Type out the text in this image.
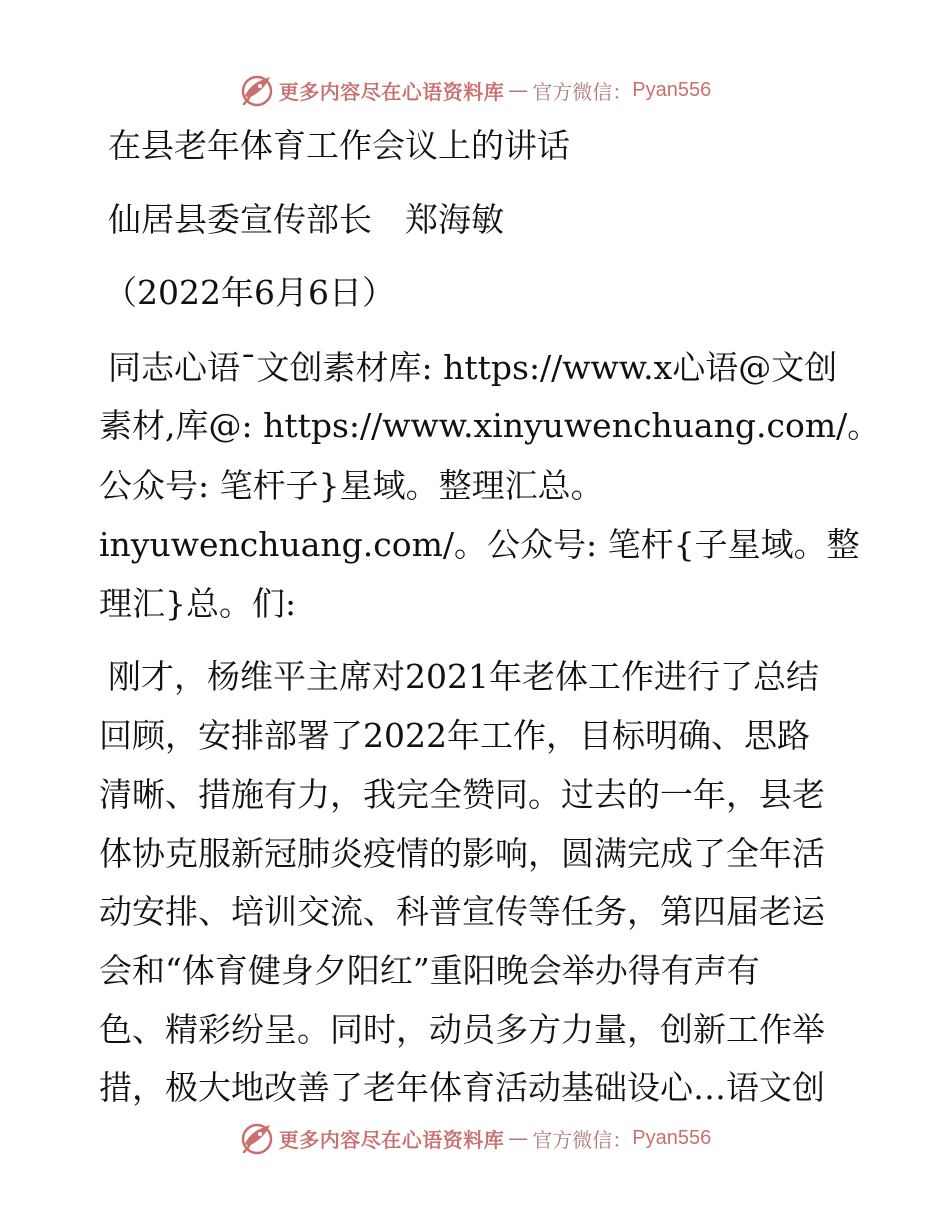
更多内容尽在心语资料库 — 官方微信： Pyan556
在县老年体育工作会议上的讲话
仙居县委宣传部长　郑海敏
（2022年6月6日）
同志心语¯文创素材库: https://www.x心语@文创
素材,库@: https://www.xinyuwenchuang.com/。
公众号: 笔杆子}星域。整理汇总。
inyuwenchuang.com/。公众号: 笔杆{子星域。整
理汇}总。们:
刚才，杨维平主席对2021年老体工作进行了总结
回顾，安排部署了2022年工作，目标明确、思路
清晰、措施有力，我完全赞同。过去的一年，县老
体协克服新冠肺炎疫情的影响，圆满完成了全年活
动安排、培训交流、科普宣传等任务，第四届老运
会和“体育健身夕阳红”重阳晚会举办得有声有
色、精彩纷呈。同时，动员多方力量，创新工作举
措，极大地改善了老年体育活动基础设心…语文创
更多内容尽在心语资料库 — 官方微信： Pyan556
